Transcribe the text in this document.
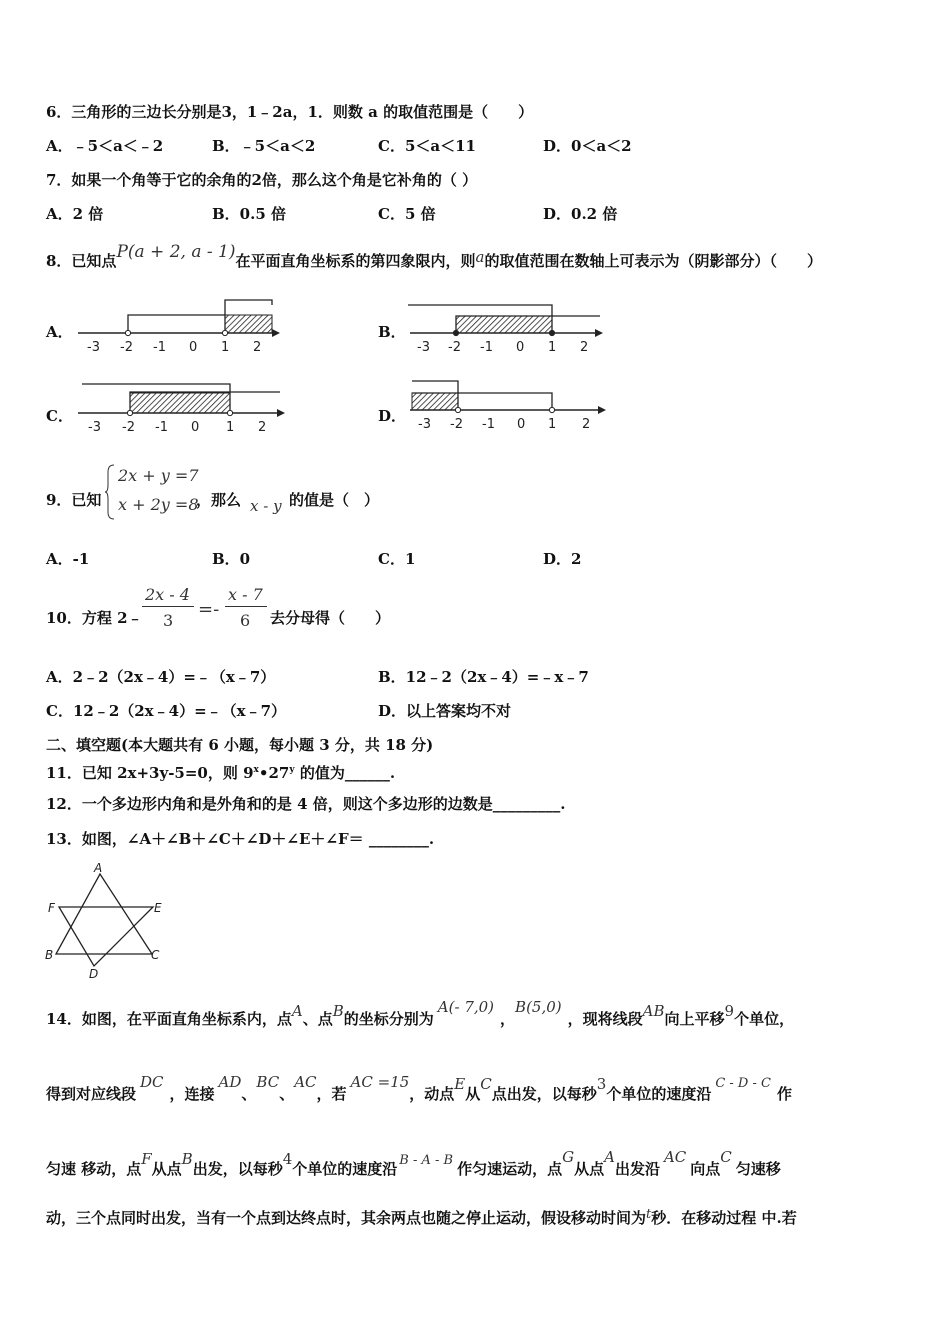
6．三角形的三边长分别是3，1﹣2a，1．则数 a 的取值范围是（　　）
A．﹣5＜a＜﹣2	B．﹣5＜a＜2	C．5＜a＜11	D．0＜a＜2
7．如果一个角等于它的余角的2倍，那么这个角是它补角的（ ）
A．2 倍	B．0.5 倍	C．5 倍	D．0.2 倍
8．已知点P(a + 2, a - 1)在平面直角坐标系的第四象限内，则a的取值范围在数轴上可表示为（阴影部分）（　　）
A．	B．
C．	D．
-3 -2 -1 0 1 2	-3 -2 -1 0 1 2
-3 -2 -1 0 1 2	-3 -2 -1 0 1 2
9．已知
2x + y =7
x + 2y =8
，那么 x - y 的值是（　）
A．-1	B．0	C．1	D．2
10．方程 2﹣
2x - 4
3
=-
x - 7
6 去分母得（　　）
A．2﹣2（2x﹣4）=﹣（x﹣7）	B．12﹣2（2x﹣4）=﹣x﹣7
C．12﹣2（2x﹣4）=﹣（x﹣7）	D．以上答案均不对
二、填空题(本大题共有 6 小题，每小题 3 分，共 18 分)
11．已知 2x+3y-5=0，则 9$^x$•27$^y$ 的值为______.
12．一个多边形内角和是外角和的是 4 倍，则这个多边形的边数是_________.
13．如图，∠A＋∠B＋∠C＋∠D＋∠E＋∠F＝ ________.
A
F	E
B	C
D
14．如图，在平面直角坐标系内，点A、点B的坐标分别为A(- 7,0)，B(5,0)，现将线段AB向上平移9个单位，
得到对应线段DC，连接AD、BC、AC，若AC =15，动点E从C点出发，以每秒3个单位的速度沿C - D - C作
匀速 移动，点F从点B出发，以每秒4个单位的速度沿 B - A - B 作匀速运动，点G从点A出发沿AC向点C匀速移
动，三个点同时出发，当有一个点到达终点时，其余两点也随之停止运动，假设移动时间为t秒．在移动过程 中.若
